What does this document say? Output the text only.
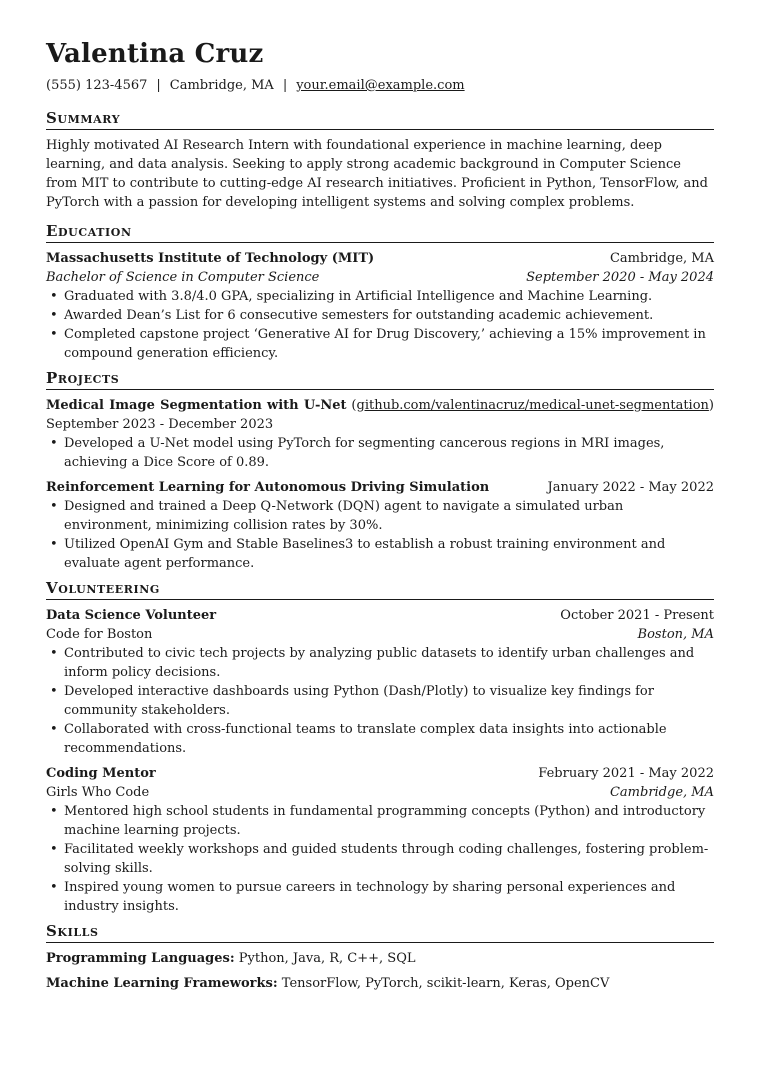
Valentina Cruz
(555) 123-4567 | Cambridge, MA | your.email@example.com
Summary
Highly motivated AI Research Intern with foundational experience in machine learning, deep learning, and data analysis. Seeking to apply strong academic background in Computer Science from MIT to contribute to cutting-edge AI research initiatives. Proficient in Python, TensorFlow, and PyTorch with a passion for developing intelligent systems and solving complex problems.
Education
Massachusetts Institute of Technology (MIT)	Cambridge, MA
Bachelor of Science in Computer Science	September 2020 - May 2024
• Graduated with 3.8/4.0 GPA, specializing in Artificial Intelligence and Machine Learning.
• Awarded Dean’s List for 6 consecutive semesters for outstanding academic achievement.
• Completed capstone project ‘Generative AI for Drug Discovery,’ achieving a 15% improvement in compound generation efficiency.
Projects
Medical Image Segmentation with U-Net (github.com/valentinacruz/medical-unet-segmentation) September 2023 - December 2023
• Developed a U-Net model using PyTorch for segmenting cancerous regions in MRI images, achieving a Dice Score of 0.89.
Reinforcement Learning for Autonomous Driving Simulation	January 2022 - May 2022
• Designed and trained a Deep Q-Network (DQN) agent to navigate a simulated urban environment, minimizing collision rates by 30%.
• Utilized OpenAI Gym and Stable Baselines3 to establish a robust training environment and evaluate agent performance.
Volunteering
Data Science Volunteer	October 2021 - Present
Code for Boston	Boston, MA
• Contributed to civic tech projects by analyzing public datasets to identify urban challenges and inform policy decisions.
• Developed interactive dashboards using Python (Dash/Plotly) to visualize key findings for community stakeholders.
• Collaborated with cross-functional teams to translate complex data insights into actionable recommendations.
Coding Mentor	February 2021 - May 2022
Girls Who Code	Cambridge, MA
• Mentored high school students in fundamental programming concepts (Python) and introductory machine learning projects.
• Facilitated weekly workshops and guided students through coding challenges, fostering problem-solving skills.
• Inspired young women to pursue careers in technology by sharing personal experiences and industry insights.
Skills
Programming Languages: Python, Java, R, C++, SQL
Machine Learning Frameworks: TensorFlow, PyTorch, scikit-learn, Keras, OpenCV
